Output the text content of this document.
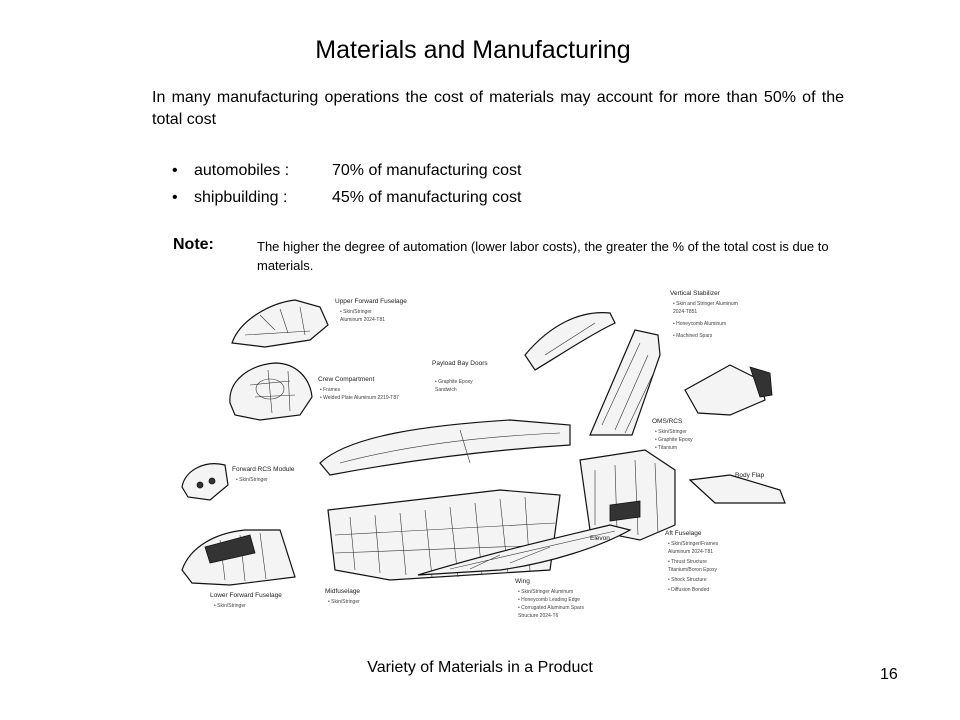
Materials and Manufacturing
In many manufacturing operations the cost of materials may account for more than 50% of the total cost
•	automobiles :	70% of manufacturing cost
•	shipbuilding :	45% of manufacturing cost
Note:	The higher the degree of automation (lower labor costs), the greater the % of the total cost is due to materials.
Upper Forward Fuselage
• Skin/Stringer
Aluminum 2024-T81
Crew Compartment
• Frames
• Welded Plate Aluminum 2219-T87
Payload Bay Doors
• Graphite Epoxy
Sandwich
Vertical Stabilizer
• Skin and Stringer Aluminum
2024-T851
• Honeycomb Aluminum
• Machined Spars
OMS/RCS
• Skin/Stringer
• Graphite Epoxy
• Titanium
Body Flap
Forward RCS Module
• Skin/Stringer
Lower Forward Fuselage
• Skin/Stringer
Midfuselage
• Skin/Stringer
Wing
• Skin/Stringer Aluminum
• Honeycomb Leading Edge
• Corrugated Aluminum Spars
Structure 2024-T6
Elevon
Aft Fuselage
• Skin/Stringer/Frames
Aluminum 2024-T81
• Thrust Structure
Titanium/Boron Epoxy
• Shock Structure
• Diffusion Bonded
Variety of Materials in a Product	16
